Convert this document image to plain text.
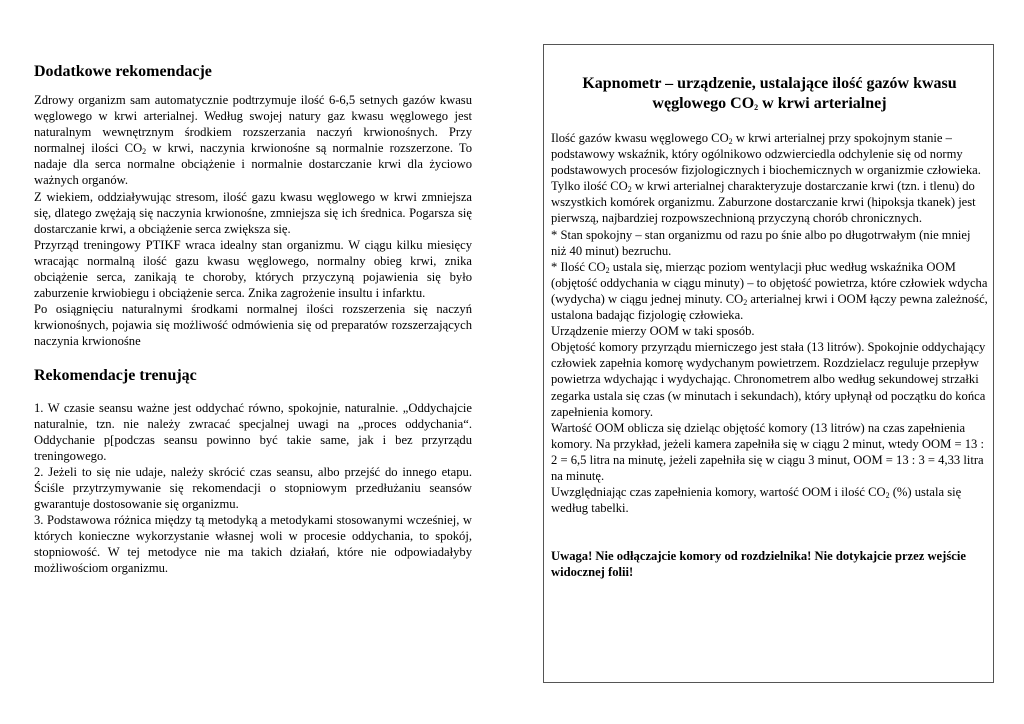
Dodatkowe rekomendacje

Zdrowy organizm sam automatycznie podtrzymuje ilość 6-6,5 setnych gazów kwasu węglowego w krwi arterialnej. Według swojej natury gaz kwasu węglowego jest naturalnym wewnętrznym środkiem rozszerzania naczyń krwionośnych. Przy normalnej ilości $CO_2$ w krwi, naczynia krwionośne są normalnie rozszerzone. To nadaje dla serca normalne obciążenie i normalnie dostarczanie krwi dla życiowo ważnych organów.

Z wiekiem, oddziaływując stresom, ilość gazu kwasu węglowego w krwi zmniejsza się, dlatego zwężają się naczynia krwionośne, zmniejsza się ich średnica. Pogarsza się dostarczanie krwi, a obciążenie serca zwiększa się.

Przyrząd treningowy PTIKF wraca idealny stan organizmu. W ciągu kilku miesięcy wracając normalną ilość gazu kwasu węglowego, normalny obieg krwi, znika obciążenie serca, zanikają te choroby, których przyczyną pojawienia się było zaburzenie krwiobiegu i obciążenie serca. Znika zagrożenie insultu i infarktu.

Po osiągnięciu naturalnymi środkami normalnej ilości rozszerzenia się naczyń krwionośnych, pojawia się możliwość odmówienia się od preparatów rozszerzających naczynia krwionośne

Rekomendacje trenując

1. W czasie seansu ważne jest oddychać równo, spokojnie, naturalnie. „Oddychajcie naturalnie, tzn. nie należy zwracać specjalnej uwagi na „proces oddychania“. Oddychanie p[podczas seansu powinno być takie same, jak i bez przyrządu treningowego.

2. Jeżeli to się nie udaje, należy skrócić czas seansu, albo przejść do innego etapu. Ściśle przytrzymywanie się rekomendacji o stopniowym przedłużaniu seansów gwarantuje dostosowanie się organizmu.

3. Podstawowa różnica między tą metodyką a metodykami stosowanymi wcześniej, w których konieczne wykorzystanie własnej woli w procesie oddychania, to spokój, stopniowość. W tej metodyce nie ma takich działań, które nie odpowiadałyby możliwościom organizmu.

Kapnometr – urządzenie, ustalające ilość gazów kwasu węglowego $CO_2$ w krwi arterialnej

Ilość gazów kwasu węglowego $CO_2$ w krwi arterialnej przy spokojnym stanie – podstawowy wskaźnik, który ogólnikowo odzwierciedla odchylenie się od normy podstawowych procesów fizjologicznych i biochemicznych w organizmie człowieka. Tylko ilość $CO_2$ w krwi arterialnej charakteryzuje dostarczanie krwi (tzn. i tlenu) do wszystkich komórek organizmu. Zaburzone dostarczanie krwi (hipoksja tkanek) jest pierwszą, najbardziej rozpowszechnioną przyczyną chorób chronicznych.

* Stan spokojny – stan organizmu od razu po śnie albo po długotrwałym (nie mniej niż 40 minut) bezruchu.

* Ilość $CO_2$ ustala się, mierząc poziom wentylacji płuc według wskaźnika OOM (objętość oddychania w ciągu minuty) – to objętość powietrza, które człowiek wdycha (wydycha) w ciągu jednej minuty. $CO_2$ arterialnej krwi i OOM łączy pewna zależność, ustalona badając fizjologię człowieka.

Urządzenie mierzy OOM w taki sposób.

Objętość komory przyrządu mierniczego jest stała (13 litrów). Spokojnie oddychający człowiek zapełnia komorę wydychanym powietrzem. Rozdzielacz reguluje przepływ powietrza wdychając i wydychając. Chronometrem albo według sekundowej strzałki zegarka ustala się czas (w minutach i sekundach), który upłynął od początku do końca zapełnienia komory.

Wartość OOM oblicza się dzieląc objętość komory (13 litrów) na czas zapełnienia komory. Na przykład, jeżeli kamera zapełniła się w ciągu 2 minut, wtedy OOM = 13 : 2 = 6,5 litra na minutę, jeżeli zapełniła się w ciągu 3 minut, OOM = 13 : 3 = 4,33 litra na minutę.

Uwzględniając czas zapełnienia komory, wartość OOM i ilość $CO_2$ (%) ustala się według tabelki.

Uwaga! Nie odłączajcie komory od rozdzielnika! Nie dotykajcie przez wejście widocznej folii!
